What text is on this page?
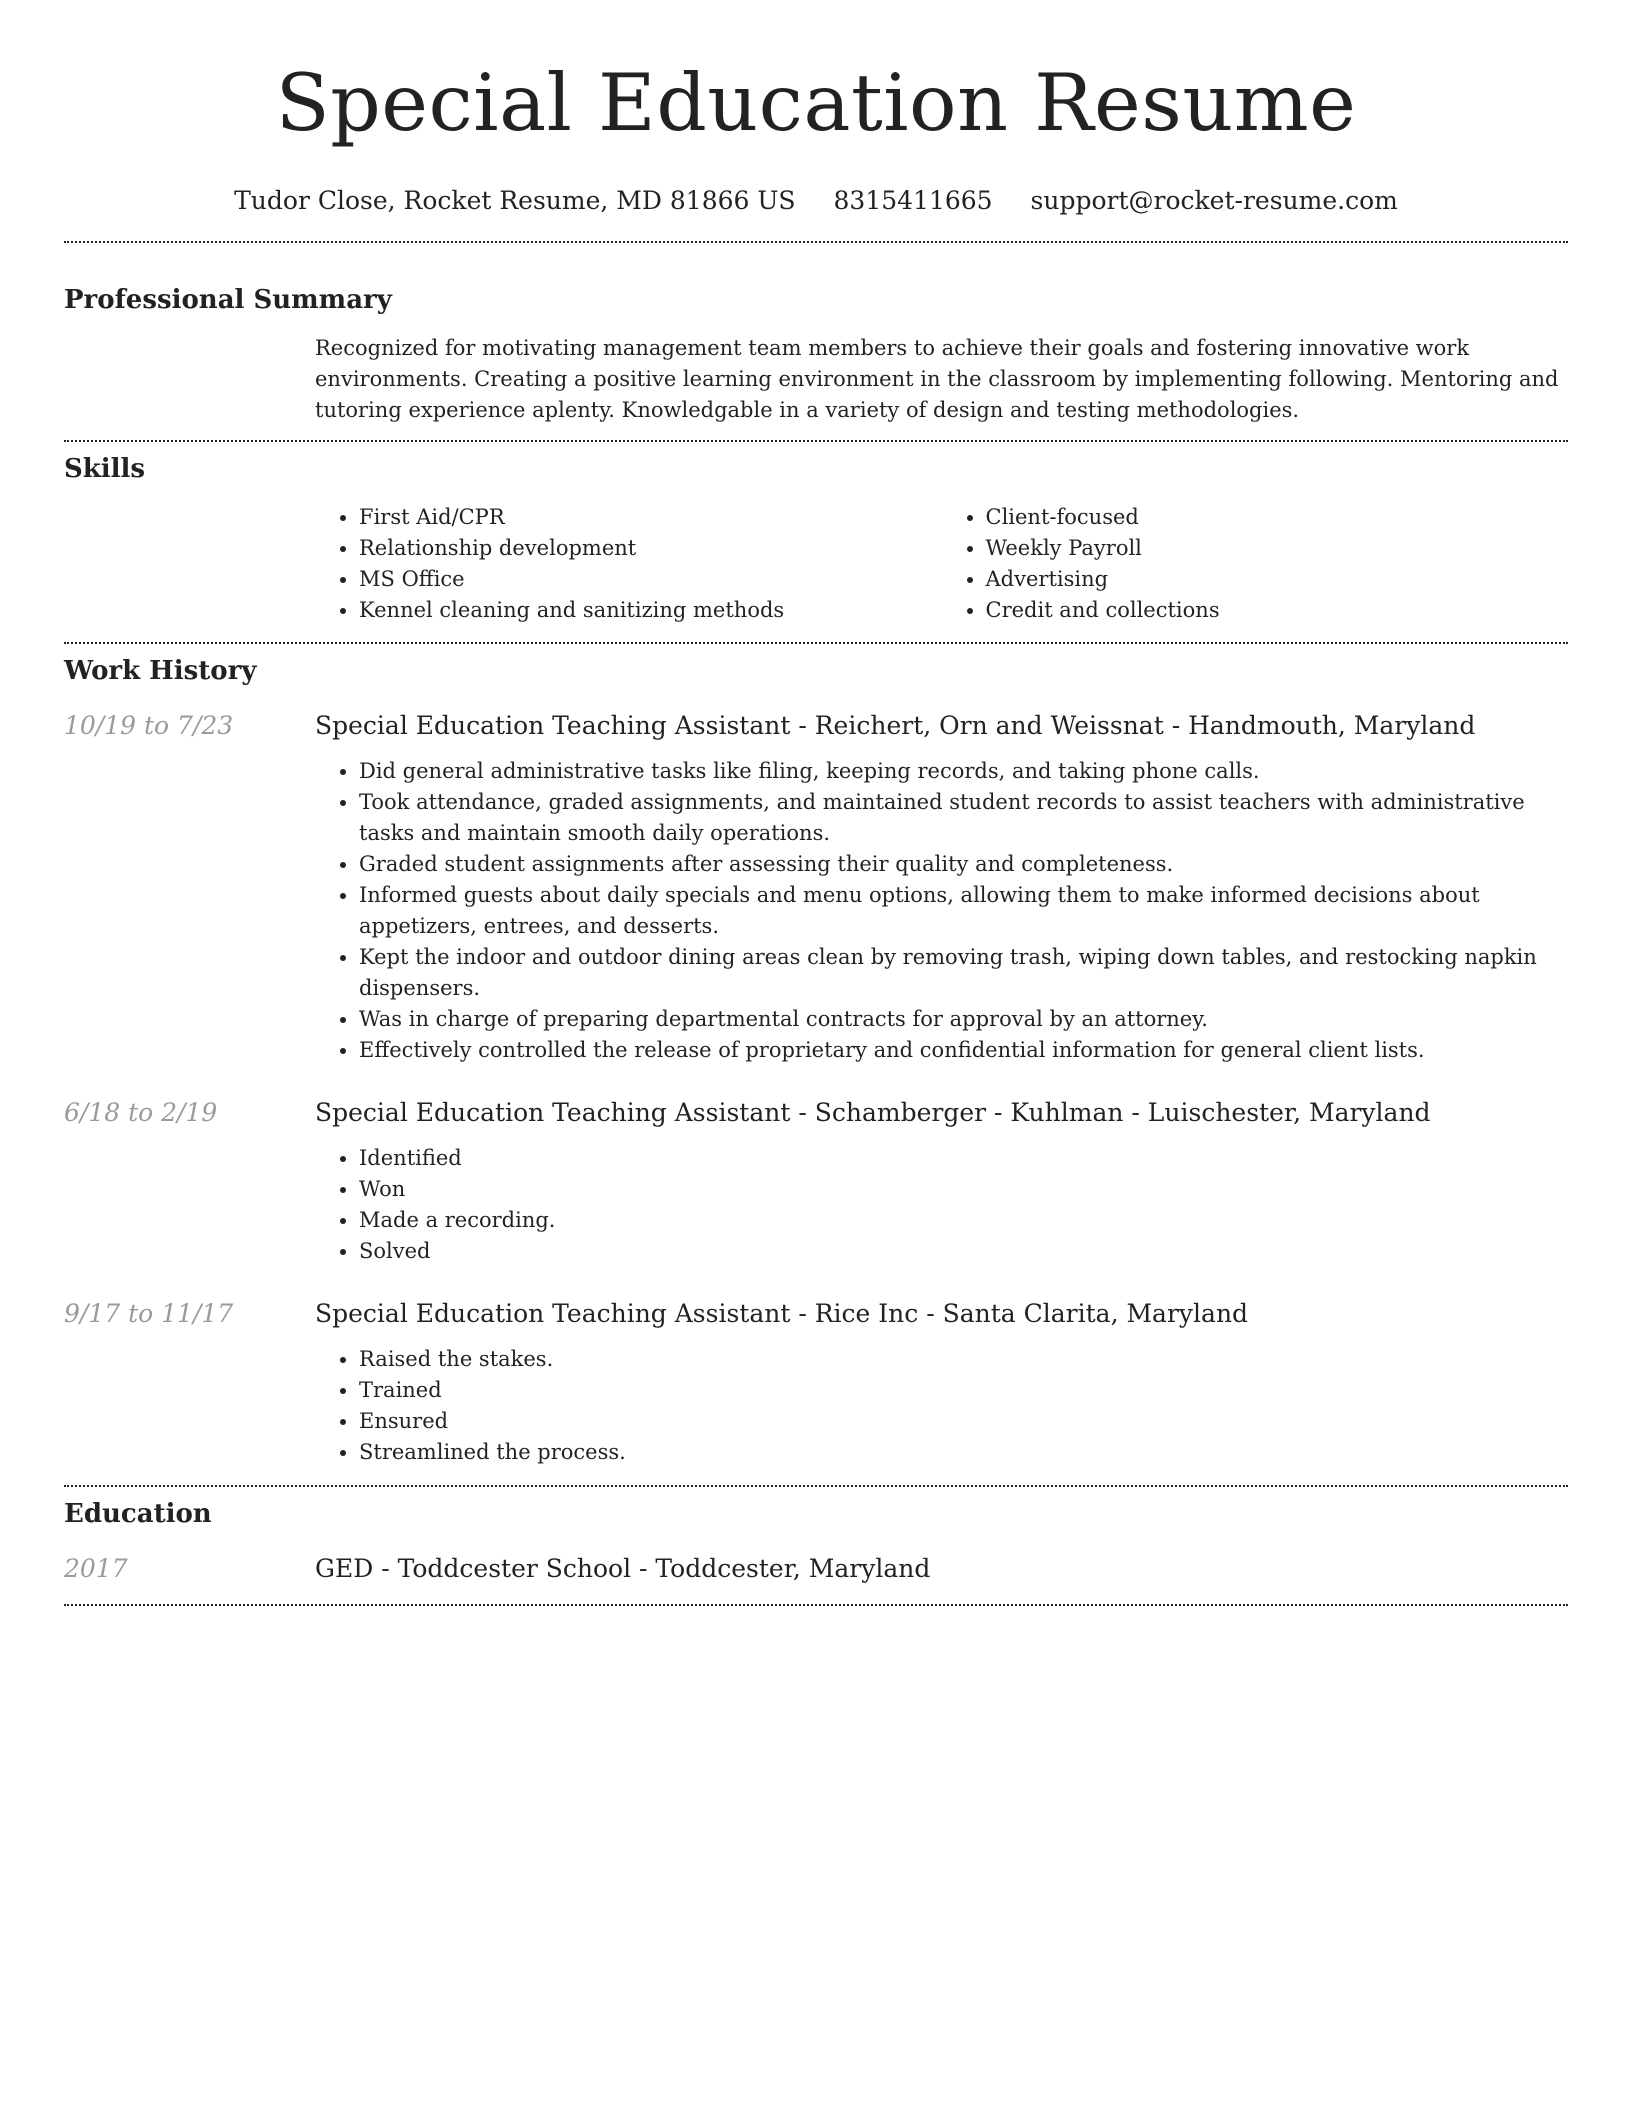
Special Education Resume
Tudor Close, Rocket Resume, MD 81866 US 8315411665 support@rocket-resume.com
Professional Summary
Recognized for motivating management team members to achieve their goals and fostering innovative work environments. Creating a positive learning environment in the classroom by implementing following. Mentoring and tutoring experience aplenty. Knowledgable in a variety of design and testing methodologies.
Skills
• First Aid/CPR
• Relationship development
• MS Office
• Kennel cleaning and sanitizing methods
• Client-focused
• Weekly Payroll
• Advertising
• Credit and collections
Work History
10/19 to 7/23	Special Education Teaching Assistant - Reichert, Orn and Weissnat - Handmouth, Maryland
• Did general administrative tasks like filing, keeping records, and taking phone calls.
• Took attendance, graded assignments, and maintained student records to assist teachers with administrative tasks and maintain smooth daily operations.
• Graded student assignments after assessing their quality and completeness.
• Informed guests about daily specials and menu options, allowing them to make informed decisions about appetizers, entrees, and desserts.
• Kept the indoor and outdoor dining areas clean by removing trash, wiping down tables, and restocking napkin dispensers.
• Was in charge of preparing departmental contracts for approval by an attorney.
• Effectively controlled the release of proprietary and confidential information for general client lists.
6/18 to 2/19	Special Education Teaching Assistant - Schamberger - Kuhlman - Luischester, Maryland
• Identified
• Won
• Made a recording.
• Solved
9/17 to 11/17	Special Education Teaching Assistant - Rice Inc - Santa Clarita, Maryland
• Raised the stakes.
• Trained
• Ensured
• Streamlined the process.
Education
2017	GED - Toddcester School - Toddcester, Maryland
